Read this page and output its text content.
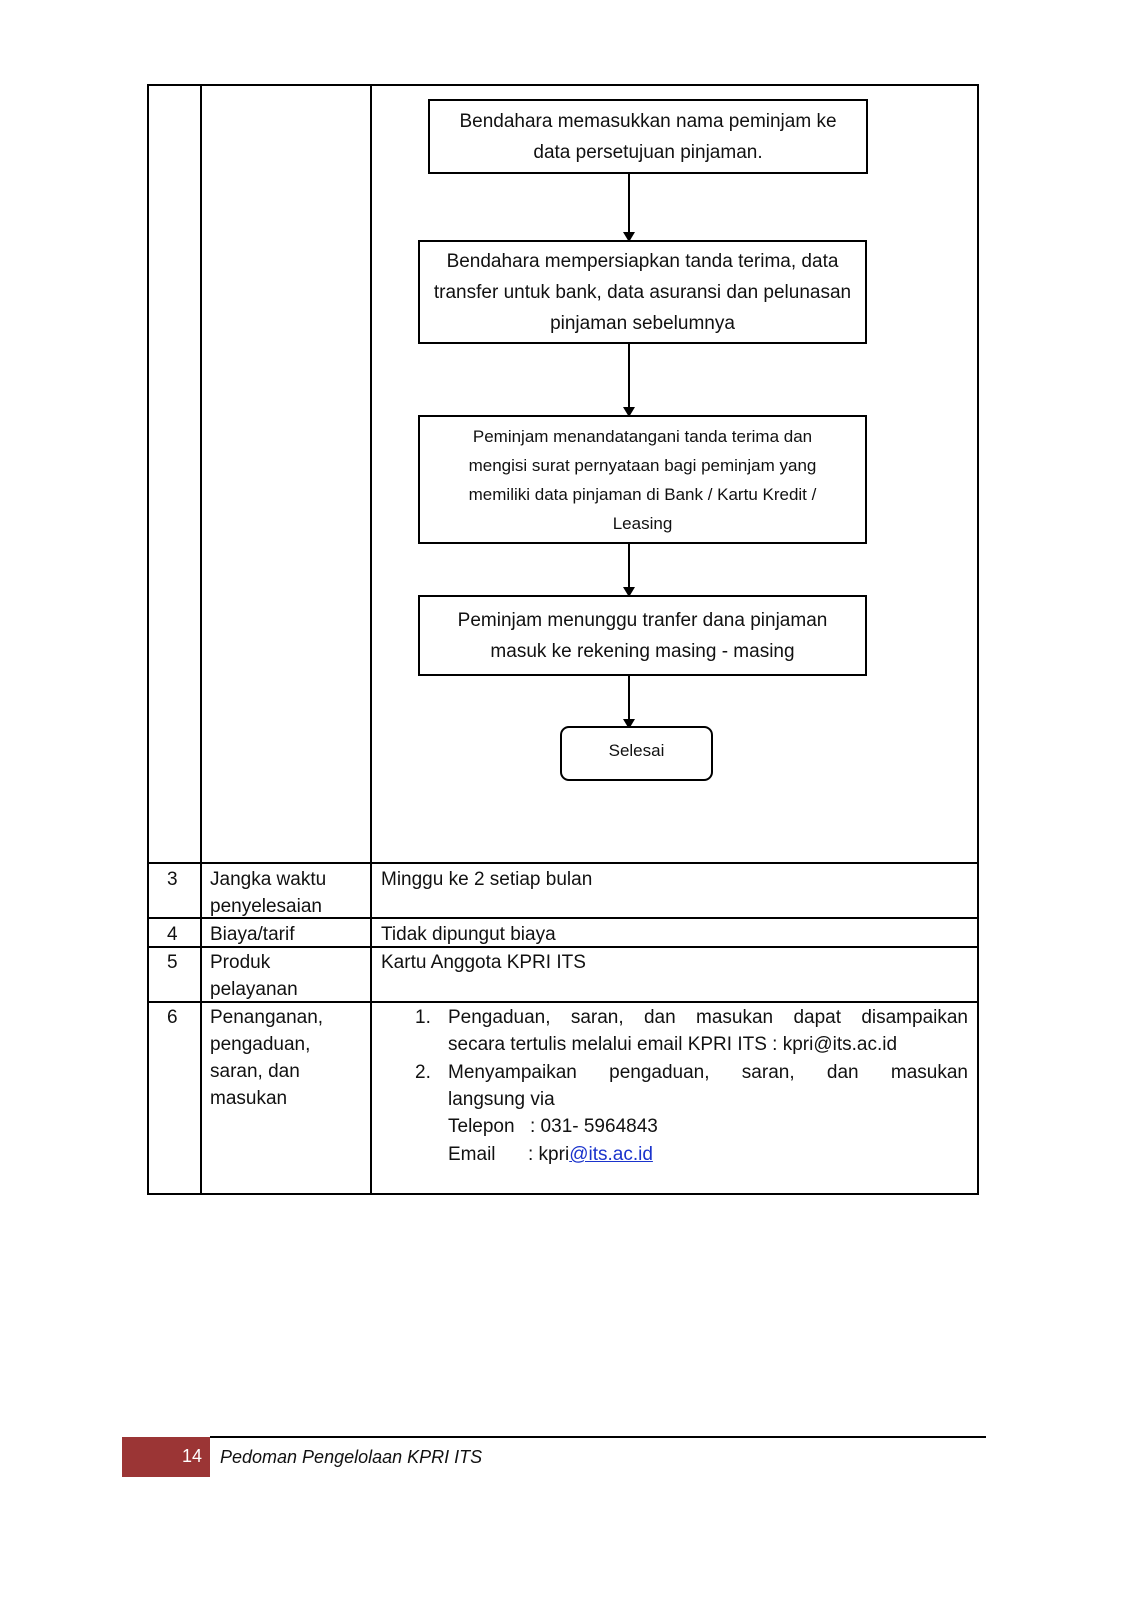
Bendahara memasukkan nama peminjam ke data persetujuan pinjaman.
Bendahara mempersiapkan tanda terima, data transfer untuk bank, data asuransi dan pelunasan pinjaman sebelumnya
Peminjam menandatangani tanda terima dan mengisi surat pernyataan bagi peminjam yang memiliki data pinjaman di Bank / Kartu Kredit / Leasing
Peminjam menunggu tranfer dana pinjaman masuk ke rekening masing - masing
Selesai
3 Jangka waktu penyelesaian
Minggu ke 2 setiap bulan
4 Biaya/tarif	Tidak dipungut biaya
5 Produk pelayanan
Kartu Anggota KPRI ITS
6 Penanganan, pengaduan, saran, dan masukan
1. Pengaduan, saran, dan masukan dapat disampaikan
secara tertulis melalui email KPRI ITS : kpri@its.ac.id
2. Menyampaikan pengaduan, saran, dan masukan
langsung via
Telepon : 031- 5964843
Email : kpri@its.ac.id
14 Pedoman Pengelolaan KPRI ITS
